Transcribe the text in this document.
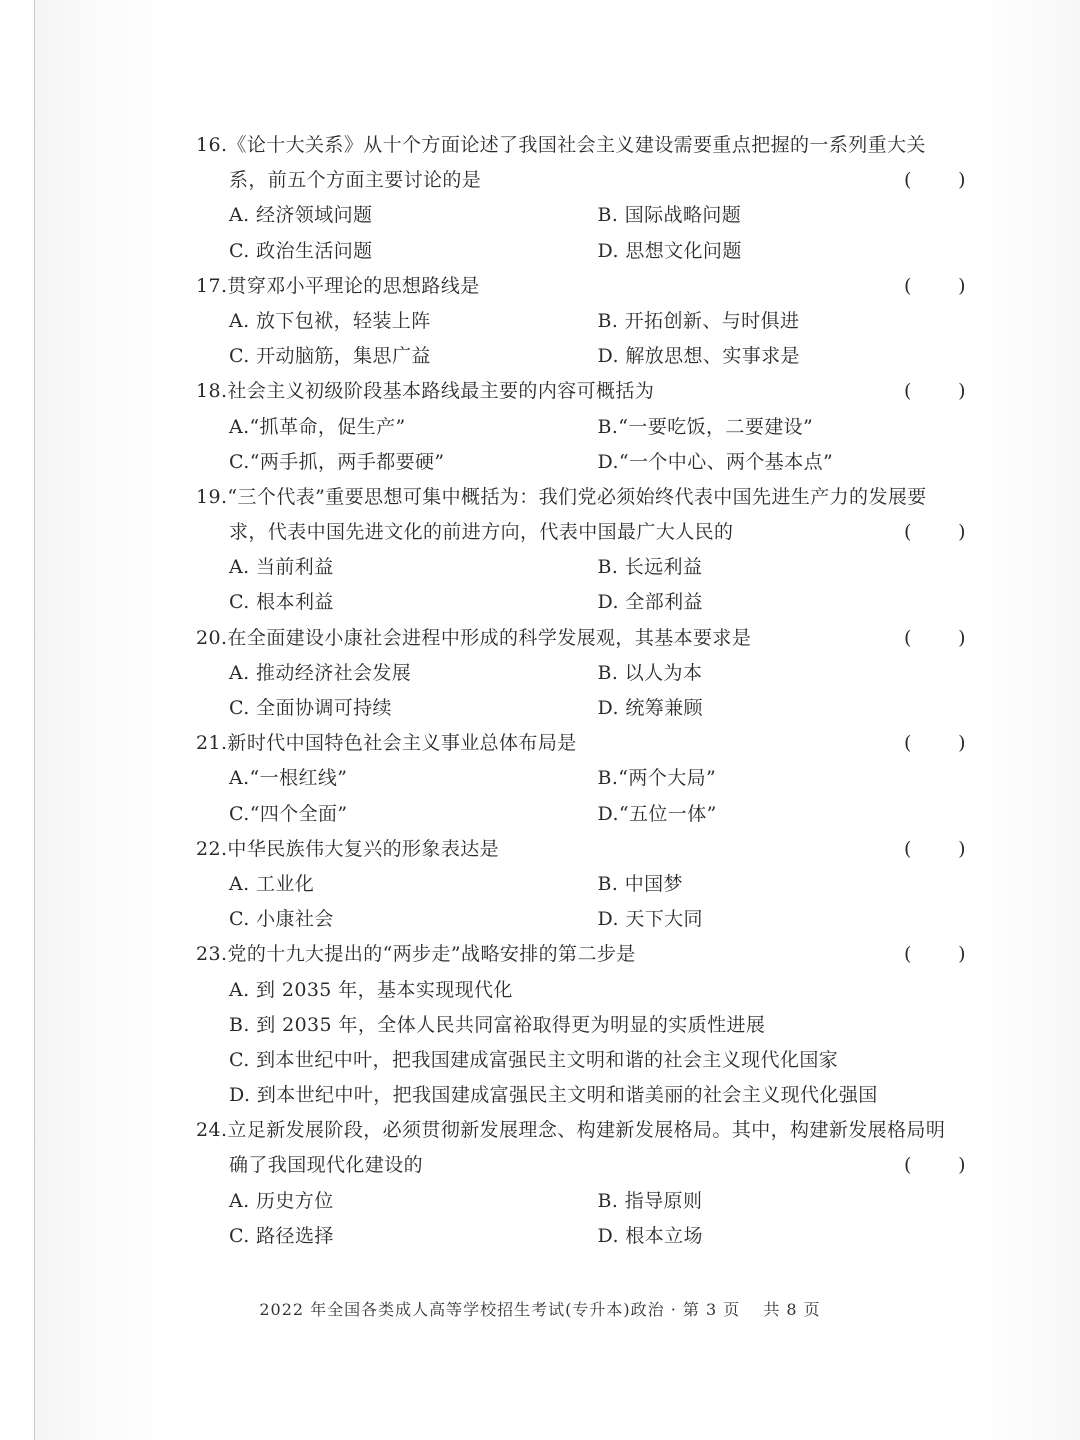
16. 《论十大关系》从十个方面论述了我国社会主义建设需要重点把握的一系列重大关
系，前五个方面主要讨论的是	( )
A. 经济领域问题	B. 国际战略问题
C. 政治生活问题	D. 思想文化问题
17. 贯穿邓小平理论的思想路线是	( )
A. 放下包袱，轻装上阵	B. 开拓创新、与时俱进
C. 开动脑筋，集思广益	D. 解放思想、实事求是
18. 社会主义初级阶段基本路线最主要的内容可概括为	( )
A.“抓革命，促生产”	B.“一要吃饭，二要建设”
C.“两手抓，两手都要硬”	D.“一个中心、两个基本点”
19. “三个代表”重要思想可集中概括为：我们党必须始终代表中国先进生产力的发展要
求，代表中国先进文化的前进方向，代表中国最广大人民的	( )
A. 当前利益	B. 长远利益
C. 根本利益	D. 全部利益
20. 在全面建设小康社会进程中形成的科学发展观，其基本要求是	( )
A. 推动经济社会发展	B. 以人为本
C. 全面协调可持续	D. 统筹兼顾
21. 新时代中国特色社会主义事业总体布局是	( )
A.“一根红线”	B.“两个大局”
C.“四个全面”	D.“五位一体”
22. 中华民族伟大复兴的形象表达是	( )
A. 工业化	B. 中国梦
C. 小康社会	D. 天下大同
23. 党的十九大提出的“两步走”战略安排的第二步是	( )
A. 到 2035 年，基本实现现代化
B. 到 2035 年，全体人民共同富裕取得更为明显的实质性进展
C. 到本世纪中叶，把我国建成富强民主文明和谐的社会主义现代化国家
D. 到本世纪中叶，把我国建成富强民主文明和谐美丽的社会主义现代化强国
24. 立足新发展阶段，必须贯彻新发展理念、构建新发展格局。其中，构建新发展格局明
确了我国现代化建设的	( )
A. 历史方位	B. 指导原则
C. 路径选择	D. 根本立场
2022 年全国各类成人高等学校招生考试(专升本)政治 · 第 3 页　 共 8 页
